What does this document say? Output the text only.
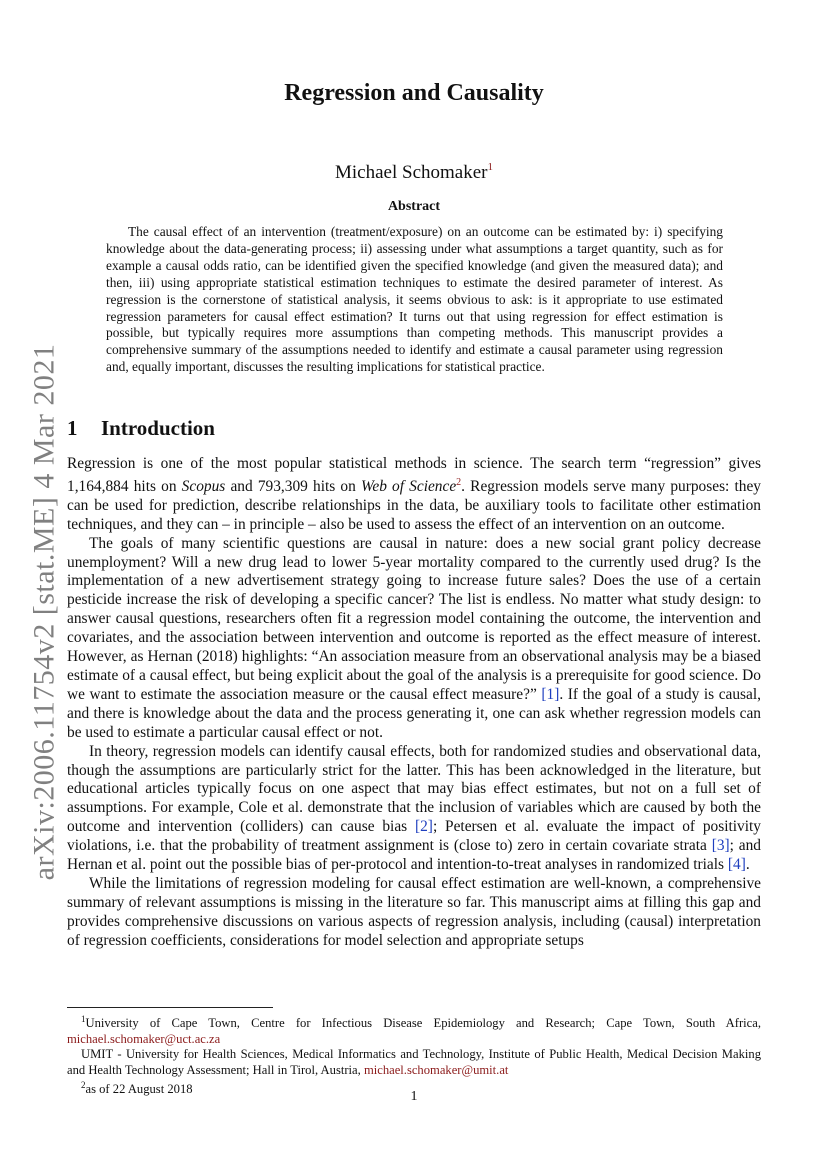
arXiv:2006.11754v2 [stat.ME] 4 Mar 2021
Regression and Causality
Michael Schomaker$^1$
Abstract
The causal effect of an intervention (treatment/exposure) on an outcome can be estimated by: i) specifying knowledge about the data-generating process; ii) assessing under what assumptions a target quantity, such as for example a causal odds ratio, can be identified given the specified knowledge (and given the measured data); and then, iii) using appropriate statistical estimation techniques to estimate the desired parameter of interest. As regression is the cornerstone of statistical analysis, it seems obvious to ask: is it appropriate to use estimated regression parameters for causal effect estimation? It turns out that using regression for effect estimation is possible, but typically requires more assumptions than competing methods. This manuscript provides a comprehensive summary of the assumptions needed to identify and estimate a causal parameter using regression and, equally important, discusses the resulting implications for statistical practice.
1 Introduction

Regression is one of the most popular statistical methods in science. The search term “regression” gives 1,164,884 hits on Scopus and 793,309 hits on Web of Science$^2$. Regression models serve many purposes: they can be used for prediction, describe relationships in the data, be auxiliary tools to facilitate other estimation techniques, and they can – in principle – also be used to assess the effect of an intervention on an outcome.

The goals of many scientific questions are causal in nature: does a new social grant policy decrease unemployment? Will a new drug lead to lower 5-year mortality compared to the currently used drug? Is the implementation of a new advertisement strategy going to increase future sales? Does the use of a certain pesticide increase the risk of developing a specific cancer? The list is endless. No matter what study design: to answer causal questions, researchers often fit a regression model containing the outcome, the intervention and covariates, and the association between intervention and outcome is reported as the effect measure of interest. However, as Hernan (2018) highlights: “An association measure from an observational analysis may be a biased estimate of a causal effect, but being explicit about the goal of the analysis is a prerequisite for good science. Do we want to estimate the association measure or the causal effect measure?” [1]. If the goal of a study is causal, and there is knowledge about the data and the process generating it, one can ask whether regression models can be used to estimate a particular causal effect or not.

In theory, regression models can identify causal effects, both for randomized studies and observational data, though the assumptions are particularly strict for the latter. This has been acknowledged in the literature, but educational articles typically focus on one aspect that may bias effect estimates, but not on a full set of assumptions. For example, Cole et al. demonstrate that the inclusion of variables which are caused by both the outcome and intervention (colliders) can cause bias [2]; Petersen et al. evaluate the impact of positivity violations, i.e. that the probability of treatment assignment is (close to) zero in certain covariate strata [3]; and Hernan et al. point out the possible bias of per-protocol and intention-to-treat analyses in randomized trials [4].

While the limitations of regression modeling for causal effect estimation are well-known, a comprehensive summary of relevant assumptions is missing in the literature so far. This manuscript aims at filling this gap and provides comprehensive discussions on various aspects of regression analysis, including (causal) interpretation of regression coefficients, considerations for model selection and appropriate setups

$^1$University of Cape Town, Centre for Infectious Disease Epidemiology and Research; Cape Town, South Africa, michael.schomaker@uct.ac.za

UMIT - University for Health Sciences, Medical Informatics and Technology, Institute of Public Health, Medical Decision Making and Health Technology Assessment; Hall in Tirol, Austria, michael.schomaker@umit.at

$^2$as of 22 August 2018	1
